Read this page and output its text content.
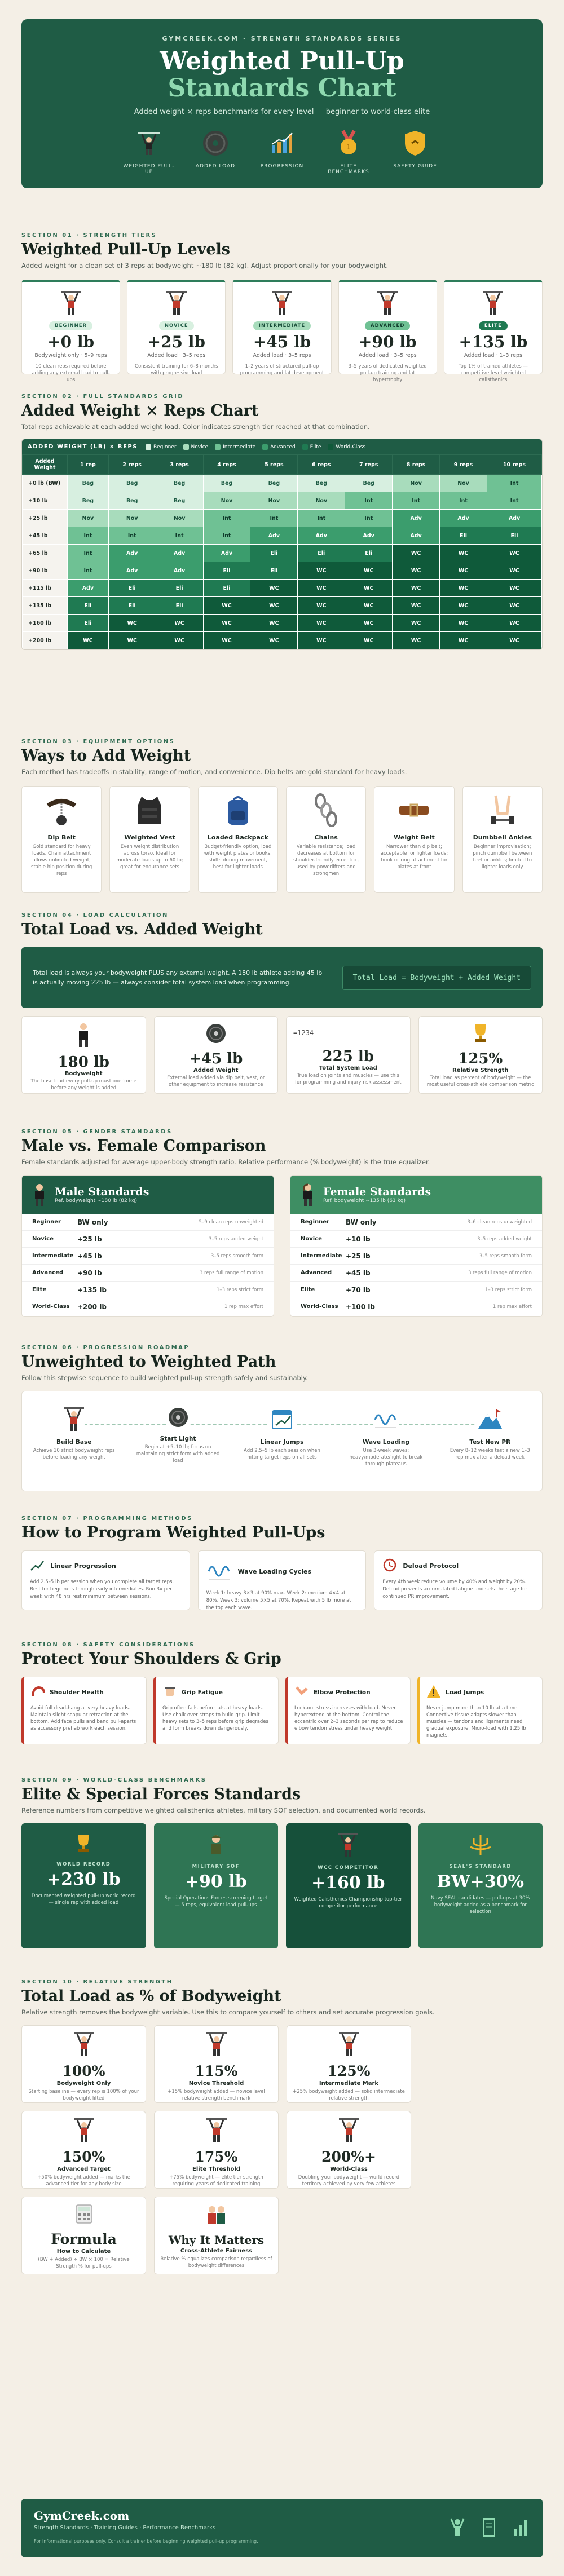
GYMCREEK.COM · STRENGTH STANDARDS SERIES
Weighted Pull-Up
Standards Chart
Added weight × reps benchmarks for every level — beginner to world-class elite
WEIGHTED PULL-UP
ADDED LOAD	PROGRESSION
1
ELITE BENCHMARKS
SAFETY GUIDE
SECTION 01 · STRENGTH TIERS
Weighted Pull-Up Levels
Added weight for a clean set of 3 reps at bodyweight ~180 lb (82 kg). Adjust proportionally for your bodyweight.

BEGINNER
+0 lb
Bodyweight only · 5–9 reps
10 clean reps required before adding any external load to pull-ups

NOVICE
+25 lb
Added load · 3–5 reps
Consistent training for 6–8 months with progressive load

INTERMEDIATE
+45 lb
Added load · 3–5 reps
1–2 years of structured pull-up programming and lat development

ADVANCED
+90 lb
Added load · 3–5 reps
3–5 years of dedicated weighted pull-up training and lat hypertrophy

ELITE
+135 lb
Added load · 1–3 reps
Top 1% of trained athletes — competitive level weighted calisthenics
SECTION 02 · FULL STANDARDS GRID
Added Weight × Reps Chart
Total reps achievable at each added weight load. Color indicates strength tier reached at that combination.
ADDED WEIGHT (LB) × REPS	Beginner	Novice	Intermediate	Advanced	Elite	World-Class
Added Weight	1 rep	2 reps	3 reps	4 reps	5 reps	6 reps	7 reps	8 reps	9 reps	10 reps
+0 lb (BW)	Beg	Beg	Beg	Beg	Beg	Beg	Beg	Nov	Nov	Int
+10 lb	Beg	Beg	Beg	Nov	Nov	Nov	Int	Int	Int	Int
+25 lb	Nov	Nov	Nov	Int	Int	Int	Int	Adv	Adv	Adv
+45 lb	Int	Int	Int	Int	Adv	Adv	Adv	Adv	Eli	Eli
+65 lb	Int	Adv	Adv	Adv	Eli	Eli	Eli	WC	WC	WC
+90 lb	Int	Adv	Adv	Eli	Eli	WC	WC	WC	WC	WC
+115 lb	Adv	Eli	Eli	Eli	WC	WC	WC	WC	WC	WC
+135 lb	Eli	Eli	Eli	WC	WC	WC	WC	WC	WC	WC
+160 lb	Eli	WC	WC	WC	WC	WC	WC	WC	WC	WC
+200 lb	WC	WC	WC	WC	WC	WC	WC	WC	WC	WC
SECTION 03 · EQUIPMENT OPTIONS
Ways to Add Weight
Each method has tradeoffs in stability, range of motion, and convenience. Dip belts are gold standard for heavy loads.
Dip Belt
Gold standard for heavy loads. Chain attachment allows unlimited weight, stable hip position during reps
Weighted Vest
Even weight distribution across torso. Ideal for moderate loads up to 60 lb; great for endurance sets
Loaded Backpack
Budget-friendly option, load with weight plates or books; shifts during movement, best for lighter loads
Chains
Variable resistance; load decreases at bottom for shoulder-friendly eccentric, used by powerlifters and strongmen
Weight Belt
Narrower than dip belt; acceptable for lighter loads; hook or ring attachment for plates at front
Dumbbell Ankles
Beginner improvisation; pinch dumbbell between feet or ankles; limited to lighter loads only
SECTION 04 · LOAD CALCULATION
Total Load vs. Added Weight
Total load is always your bodyweight PLUS any external weight. A 180 lb athlete adding 45 lb is actually moving 225 lb — always consider total system load when programming.
Total Load = Bodyweight + Added Weight
180 lb
Bodyweight
The base load every pull-up must overcome before any weight is added
+45 lb
Added Weight
External load added via dip belt, vest, or other equipment to increase resistance
=1234
225 lb
Total System Load
True load on joints and muscles — use this for programming and injury risk assessment
125%
Relative Strength
Total load as percent of bodyweight — the most useful cross-athlete comparison metric
SECTION 05 · GENDER STANDARDS
Male vs. Female Comparison
Female standards adjusted for average upper-body strength ratio. Relative performance (% bodyweight) is the true equalizer.
Male Standards
Ref. bodyweight ~180 lb (82 kg)
Beginner	BW only	5–9 clean reps unweighted
Novice	+25 lb	3–5 reps added weight
Intermediate +45 lb	3–5 reps smooth form
Advanced	+90 lb	3 reps full range of motion
Elite	+135 lb	1–3 reps strict form
World-Class	+200 lb	1 rep max effort
Female Standards
Ref. bodyweight ~135 lb (61 kg)
Beginner	BW only	3–6 clean reps unweighted
Novice	+10 lb	3–5 reps added weight
Intermediate +25 lb	3–5 reps smooth form
Advanced	+45 lb	3 reps full range of motion
Elite	+70 lb	1–3 reps strict form
World-Class	+100 lb	1 rep max effort
SECTION 06 · PROGRESSION ROADMAP
Unweighted to Weighted Path
Follow this stepwise sequence to build weighted pull-up strength safely and sustainably.
Build Base
Achieve 10 strict bodyweight reps before loading any weight
Start Light
Begin at +5–10 lb; focus on maintaining strict form with added load
Linear Jumps
Add 2.5–5 lb each session when hitting target reps on all sets
Wave Loading
Use 3-week waves: heavy/moderate/light to break through plateaus
Test New PR
Every 8–12 weeks test a new 1–3 rep max after a deload week
SECTION 07 · PROGRAMMING METHODS
How to Program Weighted Pull-Ups
Linear Progression
Add 2.5–5 lb per session when you complete all target reps. Best for beginners through early intermediates. Run 3x per week with 48 hrs rest minimum between sessions.
Wave Loading Cycles
Week 1: heavy 3×3 at 90% max. Week 2: medium 4×4 at 80%. Week 3: volume 5×5 at 70%. Repeat with 5 lb more at the top each wave.
Deload Protocol
Every 4th week reduce volume by 40% and weight by 20%. Deload prevents accumulated fatigue and sets the stage for continued PR improvement.
SECTION 08 · SAFETY CONSIDERATIONS
Protect Your Shoulders & Grip
Shoulder Health
Avoid full dead-hang at very heavy loads. Maintain slight scapular retraction at the bottom. Add face pulls and band pull-aparts as accessory prehab work each session.
Grip Fatigue
Grip often fails before lats at heavy loads. Use chalk over straps to build grip. Limit heavy sets to 3–5 reps before grip degrades and form breaks down dangerously.
Elbow Protection
Lock-out stress increases with load. Never hyperextend at the bottom. Control the eccentric over 2–3 seconds per rep to reduce elbow tendon stress under heavy weight.
Load Jumps
Never jump more than 10 lb at a time. Connective tissue adapts slower than muscles — tendons and ligaments need gradual exposure. Micro-load with 1.25 lb magnets.
SECTION 09 · WORLD-CLASS BENCHMARKS
Elite & Special Forces Standards
Reference numbers from competitive weighted calisthenics athletes, military SOF selection, and documented world records.
WORLD RECORD
+230 lb
Documented weighted pull-up world record — single rep with added load
MILITARY SOF
+90 lb
Special Operations Forces screening target — 5 reps, equivalent load pull-ups
WCC COMPETITOR
+160 lb
Weighted Calisthenics Championship top-tier competitor performance
SEAL'S STANDARD
BW+30%
Navy SEAL candidates — pull-ups at 30% bodyweight added as a benchmark for selection
SECTION 10 · RELATIVE STRENGTH
Total Load as % of Bodyweight
Relative strength removes the bodyweight variable. Use this to compare yourself to others and set accurate progression goals.
100%
Bodyweight Only
Starting baseline — every rep is 100% of your bodyweight lifted
115%
Novice Threshold
+15% bodyweight added — novice level relative strength benchmark
125%
Intermediate Mark
+25% bodyweight added — solid intermediate relative strength
150%
Advanced Target
+50% bodyweight added — marks the advanced tier for any body size
175%
Elite Threshold
+75% bodyweight — elite tier strength requiring years of dedicated training
200%+
World-Class
Doubling your bodyweight — world record territory achieved by very few athletes
Formula
How to Calculate
(BW + Added) ÷ BW × 100 = Relative Strength % for pull-ups
Why It Matters
Cross-Athlete Fairness
Relative % equalizes comparison regardless of bodyweight differences
GymCreek.com
Strength Standards · Training Guides · Performance Benchmarks
For informational purposes only. Consult a trainer before beginning weighted pull-up programming.
